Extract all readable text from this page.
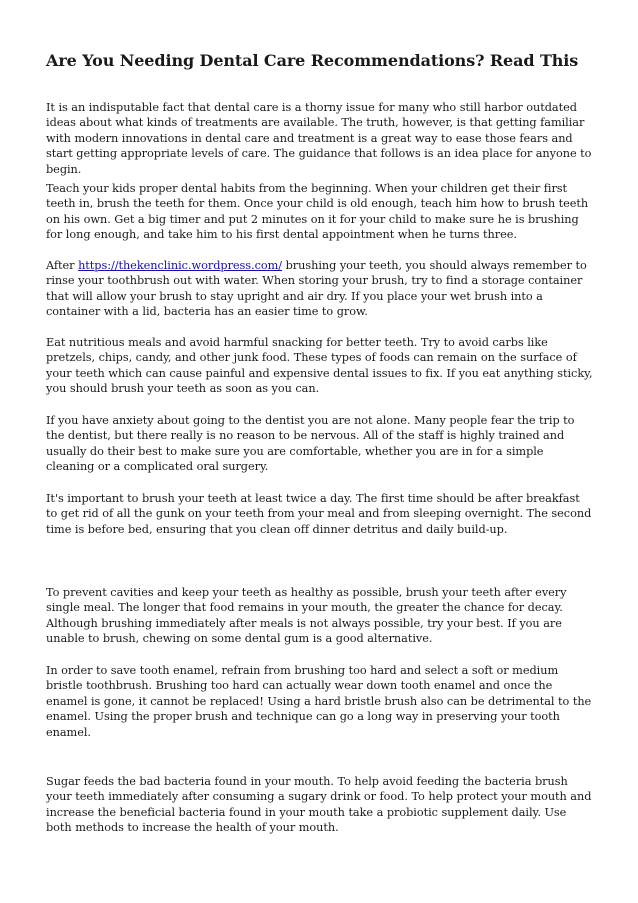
Are You Needing Dental Care Recommendations? Read This

It is an indisputable fact that dental care is a thorny issue for many who still harbor outdated ideas about what kinds of treatments are available. The truth, however, is that getting familiar with modern innovations in dental care and treatment is a great way to ease those fears and start getting appropriate levels of care. The guidance that follows is an idea place for anyone to begin.

Teach your kids proper dental habits from the beginning. When your children get their first teeth in, brush the teeth for them. Once your child is old enough, teach him how to brush teeth on his own. Get a big timer and put 2 minutes on it for your child to make sure he is brushing for long enough, and take him to his first dental appointment when he turns three.

After https://thekenclinic.wordpress.com/ brushing your teeth, you should always remember to rinse your toothbrush out with water. When storing your brush, try to find a storage container that will allow your brush to stay upright and air dry. If you place your wet brush into a container with a lid, bacteria has an easier time to grow.

Eat nutritious meals and avoid harmful snacking for better teeth. Try to avoid carbs like pretzels, chips, candy, and other junk food. These types of foods can remain on the surface of your teeth which can cause painful and expensive dental issues to fix. If you eat anything sticky, you should brush your teeth as soon as you can.

If you have anxiety about going to the dentist you are not alone. Many people fear the trip to the dentist, but there really is no reason to be nervous. All of the staff is highly trained and usually do their best to make sure you are comfortable, whether you are in for a simple cleaning or a complicated oral surgery.

It's important to brush your teeth at least twice a day. The first time should be after breakfast to get rid of all the gunk on your teeth from your meal and from sleeping overnight. The second time is before bed, ensuring that you clean off dinner detritus and daily build-up.

To prevent cavities and keep your teeth as healthy as possible, brush your teeth after every single meal. The longer that food remains in your mouth, the greater the chance for decay. Although brushing immediately after meals is not always possible, try your best. If you are unable to brush, chewing on some dental gum is a good alternative.

In order to save tooth enamel, refrain from brushing too hard and select a soft or medium bristle toothbrush. Brushing too hard can actually wear down tooth enamel and once the enamel is gone, it cannot be replaced! Using a hard bristle brush also can be detrimental to the enamel. Using the proper brush and technique can go a long way in preserving your tooth enamel.

Sugar feeds the bad bacteria found in your mouth. To help avoid feeding the bacteria brush your teeth immediately after consuming a sugary drink or food. To help protect your mouth and increase the beneficial bacteria found in your mouth take a probiotic supplement daily. Use both methods to increase the health of your mouth.
